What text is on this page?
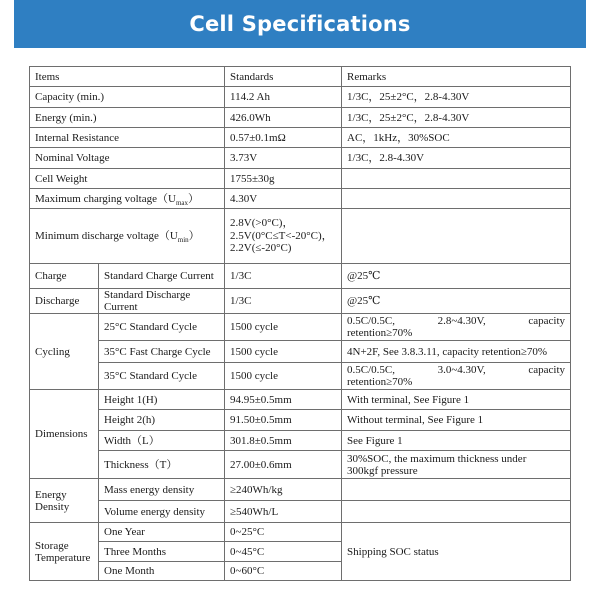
Cell Specifications
Items		Standards	Remarks
Capacity (min.)		114.2 Ah	1/3C，25±2°C，2.8-4.30V
Energy (min.)		426.0Wh	1/3C，25±2°C，2.8-4.30V
Internal Resistance		0.57±0.1mΩ	AC，1kHz，30%SOC
Nominal Voltage		3.73V	1/3C，2.8-4.30V
Cell Weight		1755±30g	
Maximum charging $voltage(U_{max})$		4.30V	
Minimum discharge $voltage(U_{min})$		2.8V(>0°C)，
2.5V(0°C≤T<-20°C)，
2.2V(≤-20°C)	

Charge	Standard Charge Current	1/3C	@25℃
Discharge	Standard Discharge Current	1/3C	@25℃
Cycling	25°C Standard Cycle	1500 cycle	0.5C/0.5C, 2.8~4.30V, capacity
retention≥70%

	35°C Fast Charge Cycle	1500 cycle	4N+2F, See 3.8.3.11, capacity retention≥70%
	35°C Standard Cycle	1500 cycle	0.5C/0.5C, 3.0~4.30V, capacity
retention≥70%

Dimensions	Height 1(H)	94.95±0.5mm	With terminal, See Figure 1
	Height 2(h)	91.50±0.5mm	Without terminal, See Figure 1
	Width（L）	301.8±0.5mm	See Figure 1
	Thickness（T）	27.00±0.6mm	30%SOC, the maximum thickness under
300kgf pressure

Energy
Density	Mass energy density	≥240Wh/kg	
	Volume energy density	≥540Wh/L	

Storage
Temperature	One Year	0~25°C	Shipping SOC status
	Three Months	0~45°C	
	One Month	0~60°C	
